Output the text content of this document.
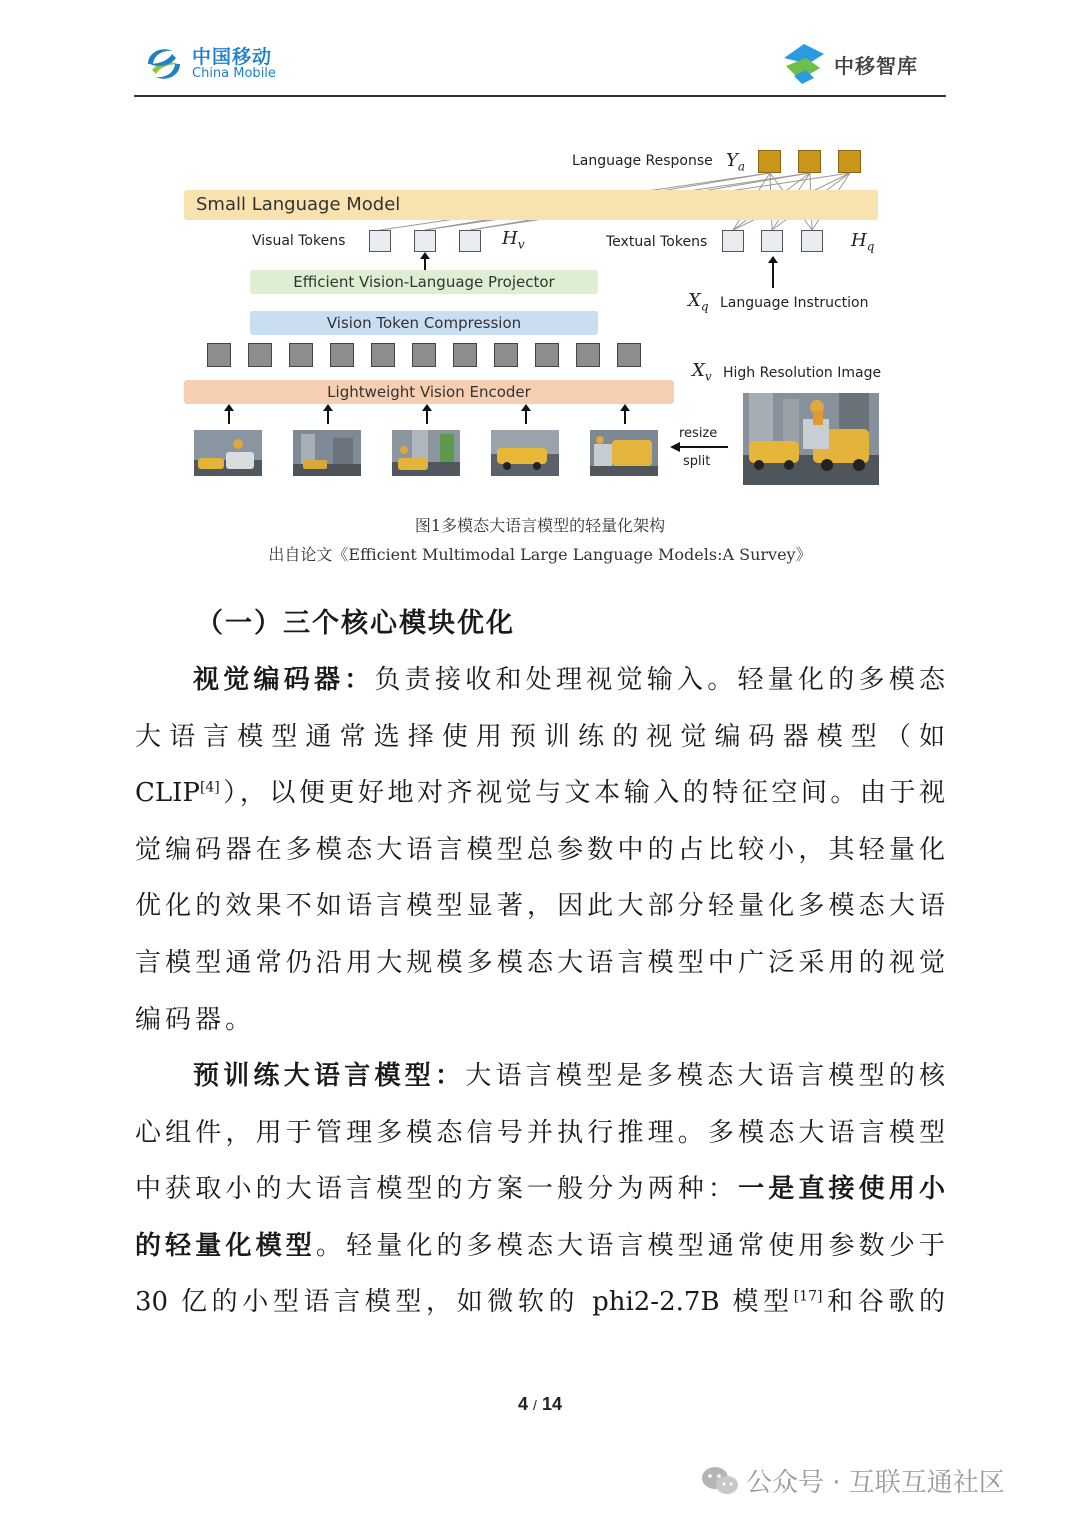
中国移动
China Mobile	中移智库
Language Response $Y_a$
Small Language Model
Visual Tokens	$H_v$	Textual Tokens	$H_q$
Efficient Vision-Language Projector
$X_q$ Language Instruction
Vision Token Compression
$X_v$ High Resolution Image
Lightweight Vision Encoder
resize
split
图1多模态大语言模型的轻量化架构
出自论文《Efficient Multimodal Large Language Models:A Survey》
（一）三个核心模块优化
视觉编码器：负责接收和处理视觉输入。轻量化的多模态
大语言模型通常选择使用预训练的视觉编码器模型（如
CLIP[4]），以便更好地对齐视觉与文本输入的特征空间。由于视
觉编码器在多模态大语言模型总参数中的占比较小，其轻量化
优化的效果不如语言模型显著，因此大部分轻量化多模态大语
言模型通常仍沿用大规模多模态大语言模型中广泛采用的视觉
编码器。
预训练大语言模型：大语言模型是多模态大语言模型的核
心组件，用于管理多模态信号并执行推理。多模态大语言模型
中获取小的大语言模型的方案一般分为两种：一是直接使用小
的轻量化模型。轻量化的多模态大语言模型通常使用参数少于
30 亿的小型语言模型，如微软的 phi2-2.7B 模型[17]和谷歌的
4 / 14
公众号 · 互联互通社区
